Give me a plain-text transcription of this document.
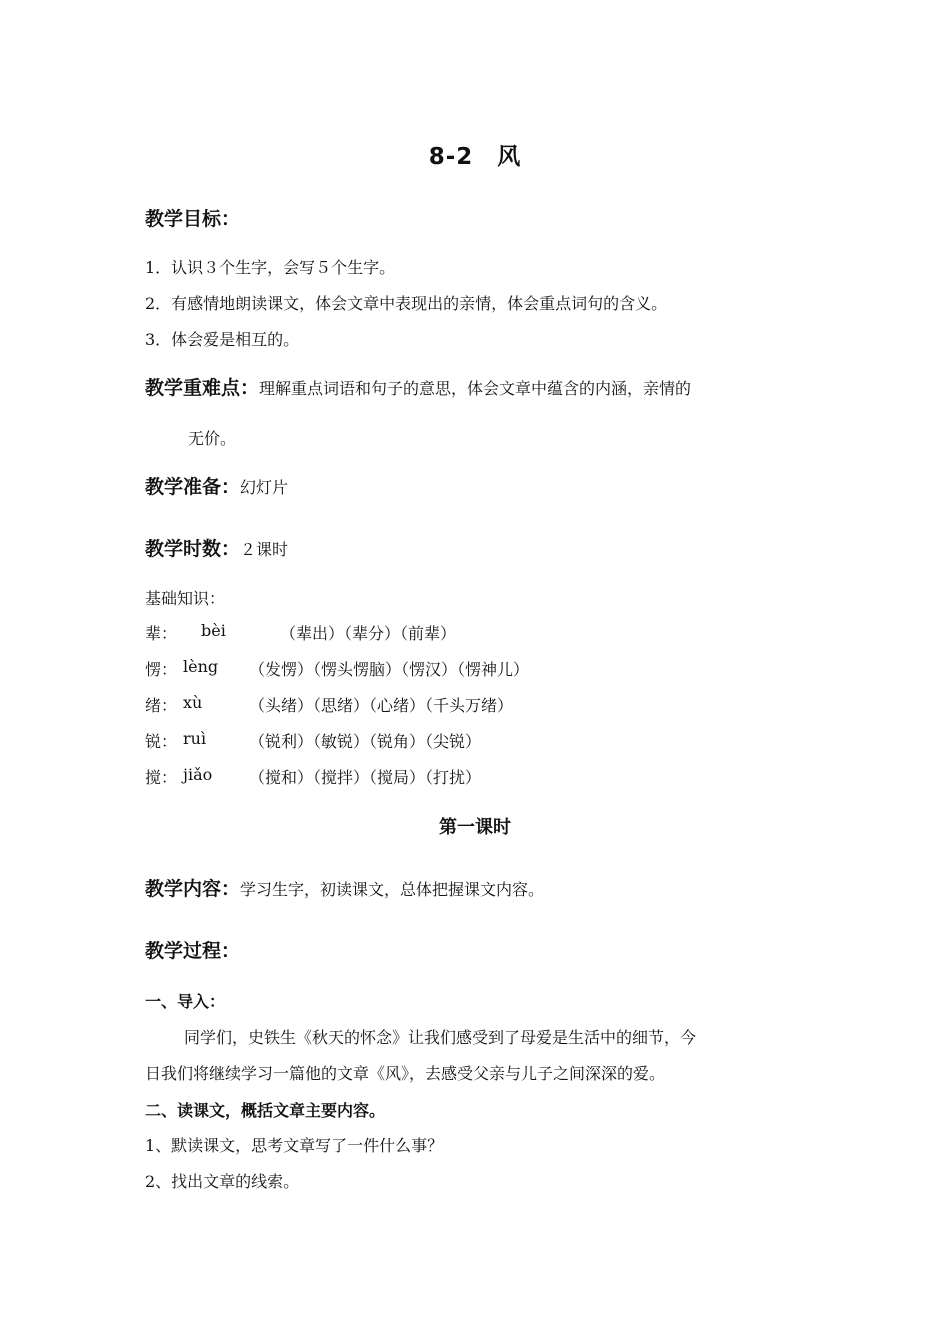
8-2　风
教学目标：
1．认识３个生字，会写５个生字。
2．有感情地朗读课文，体会文章中表现出的亲情，体会重点词句的含义。
3．体会爱是相互的。
教学重难点：理解重点词语和句子的意思，体会文章中蕴含的内涵，亲情的
无价。
教学准备：幻灯片
教学时数：２课时
基础知识：
辈： bèi	（辈出）（辈分）（前辈）
愣： lèng （发愣）（愣头愣脑）（愣汉）（愣神儿）
绪： xù	（头绪）（思绪）（心绪）（千头万绪）
锐： ruì	（锐利）（敏锐）（锐角）（尖锐）
搅： jiǎo （搅和）（搅拌）（搅局）（打扰）
第一课时
教学内容：学习生字，初读课文，总体把握课文内容。
教学过程：
一、导入：
同学们，史铁生《秋天的怀念》让我们感受到了母爱是生活中的细节，今
日我们将继续学习一篇他的文章《风》，去感受父亲与儿子之间深深的爱。
二、读课文，概括文章主要内容。
1、默读课文，思考文章写了一件什么事？
2、找出文章的线索。
